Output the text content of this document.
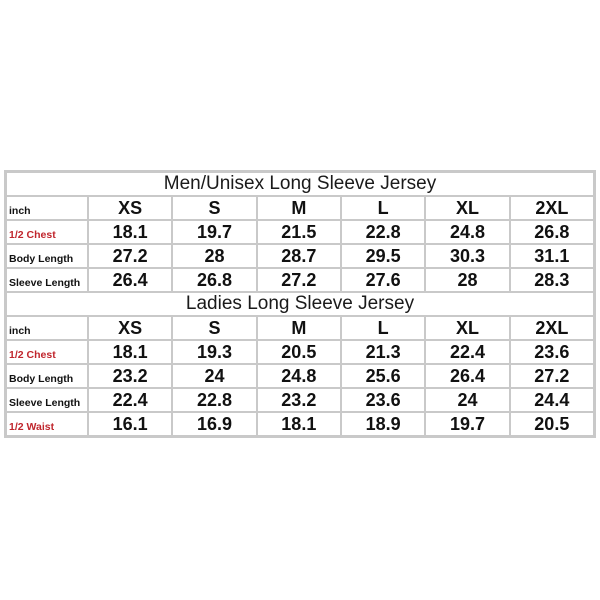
Men/Unisex Long Sleeve Jersey						
inch	XS	S	M	L	XL	2XL
1/2 Chest	18.1	19.7	21.5	22.8	24.8	26.8
Body Length	27.2	28	28.7	29.5	30.3	31.1
Sleeve Length	26.4	26.8	27.2	27.6	28	28.3
Ladies Long Sleeve Jersey						
inch	XS	S	M	L	XL	2XL
1/2 Chest	18.1	19.3	20.5	21.3	22.4	23.6
Body Length	23.2	24	24.8	25.6	26.4	27.2
Sleeve Length	22.4	22.8	23.2	23.6	24	24.4
1/2 Waist	16.1	16.9	18.1	18.9	19.7	20.5
